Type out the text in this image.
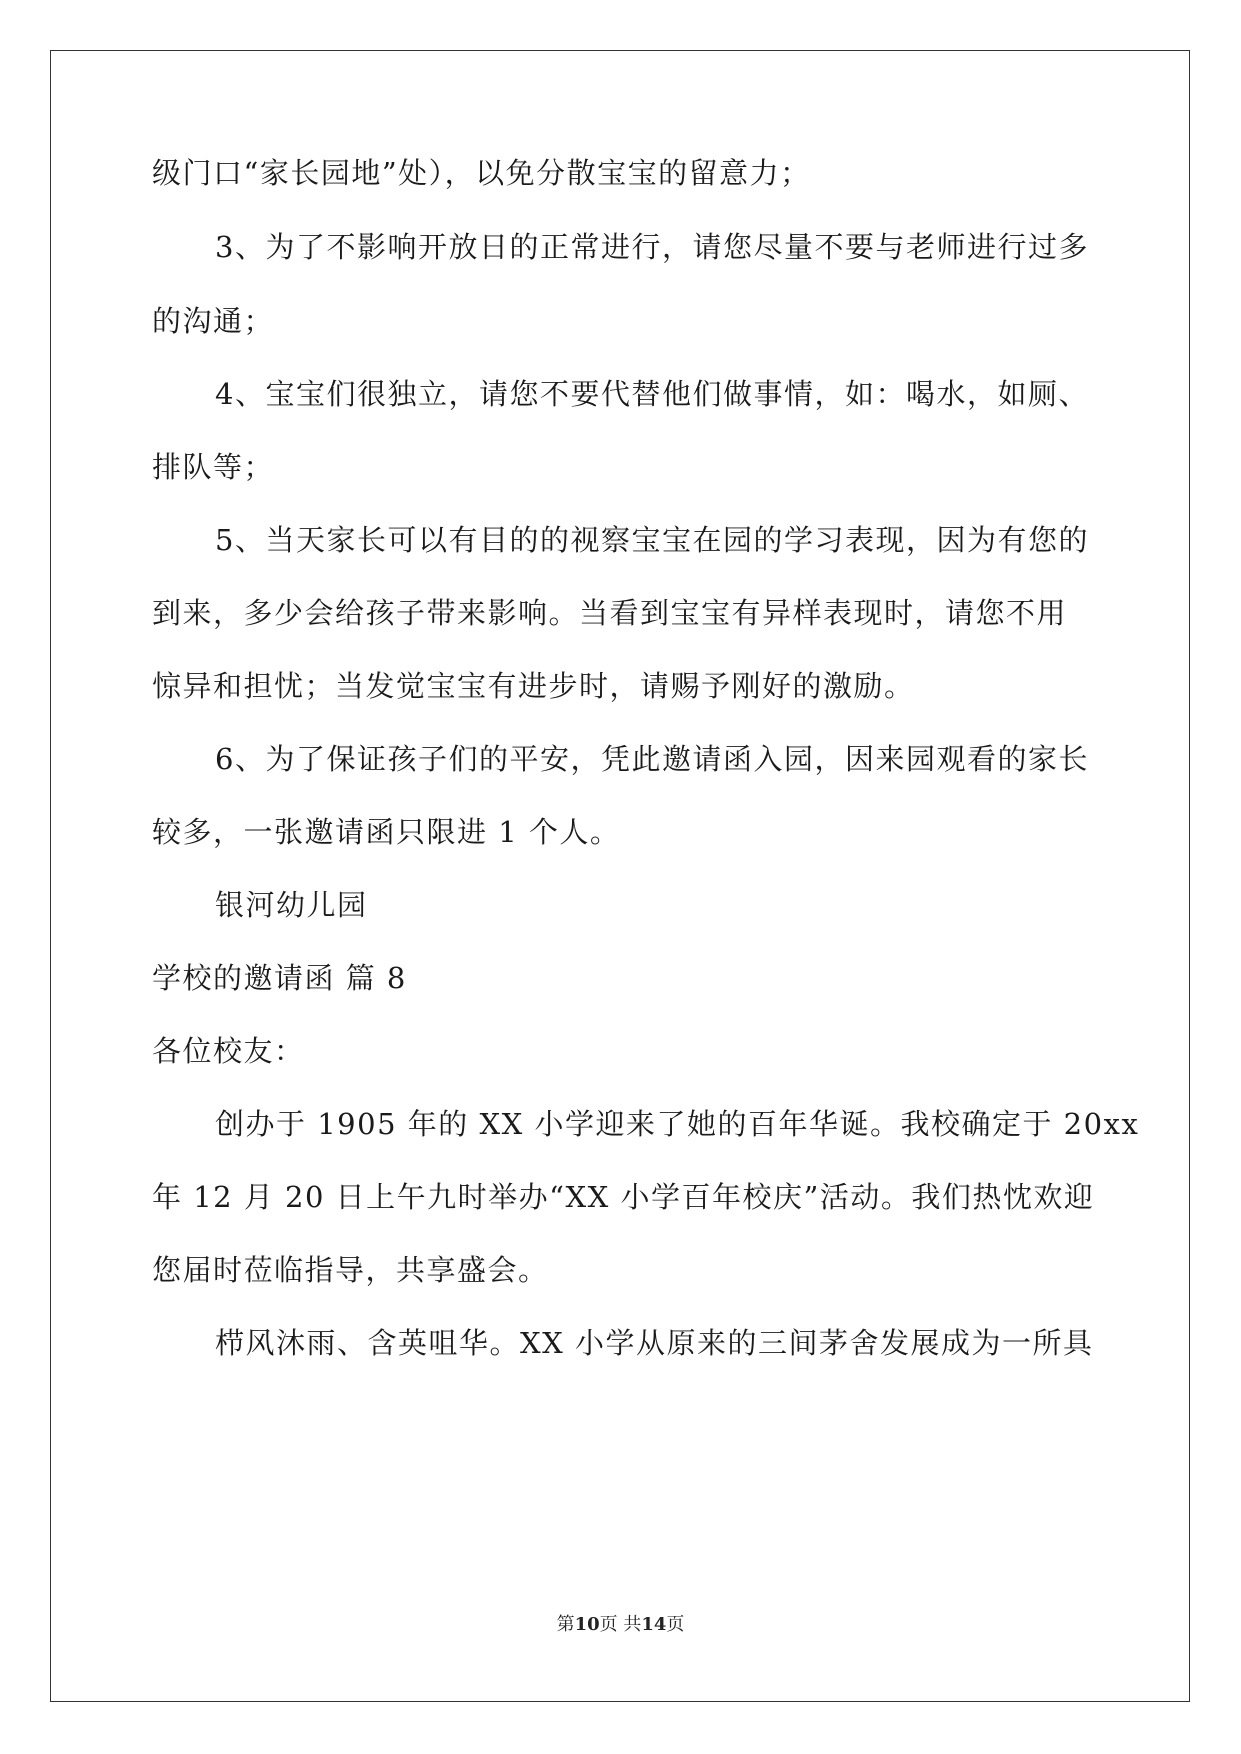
级门口“家长园地”处），以免分散宝宝的留意力；
3、为了不影响开放日的正常进行，请您尽量不要与老师进行过多
的沟通；
4、宝宝们很独立，请您不要代替他们做事情，如：喝水，如厕、
排队等；
5、当天家长可以有目的的视察宝宝在园的学习表现，因为有您的
到来，多少会给孩子带来影响。当看到宝宝有异样表现时，请您不用
惊异和担忧；当发觉宝宝有进步时，请赐予刚好的激励。
6、为了保证孩子们的平安，凭此邀请函入园，因来园观看的家长
较多，一张邀请函只限进 1 个人。
银河幼儿园
学校的邀请函 篇 8
各位校友：
创办于 1905 年的 XX 小学迎来了她的百年华诞。我校确定于 20xx
年 12 月 20 日上午九时举办“XX 小学百年校庆”活动。我们热忱欢迎
您届时莅临指导，共享盛会。
栉风沐雨、含英咀华。XX 小学从原来的三间茅舍发展成为一所具
第10页 共14页
